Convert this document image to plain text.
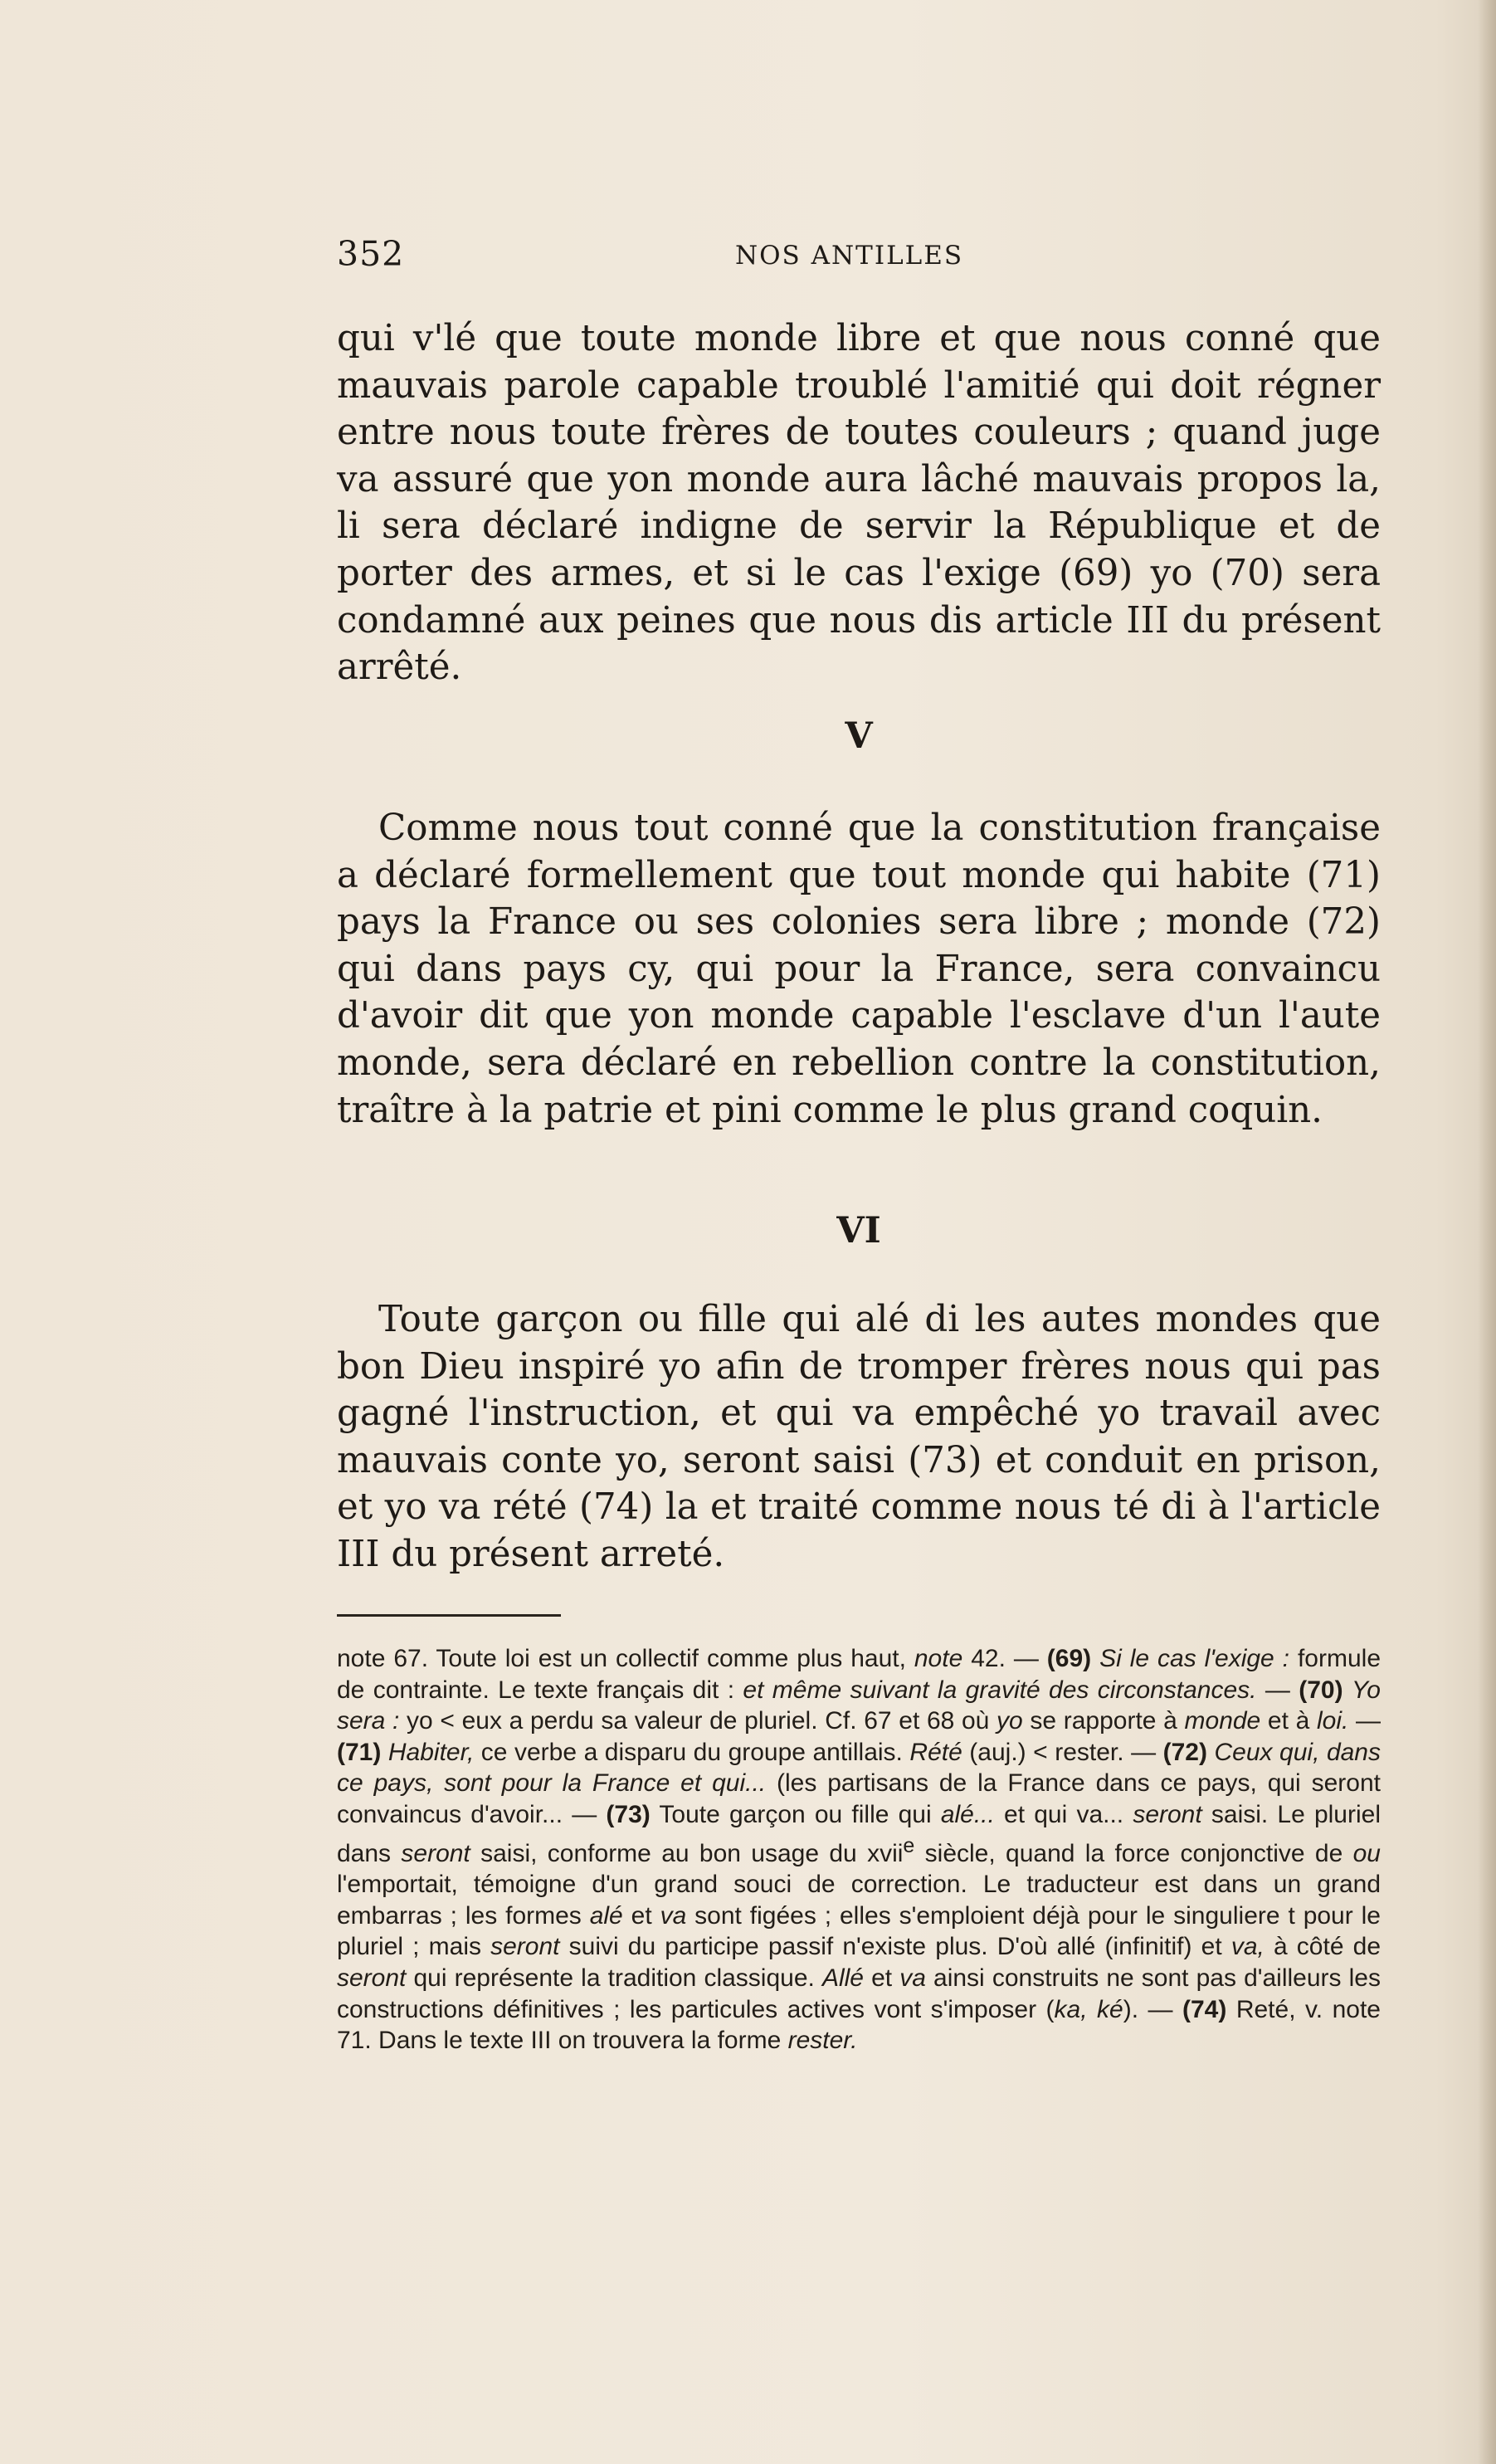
352	NOS ANTILLES

qui v'lé que toute monde libre et que nous conné que mauvais parole capable troublé l'amitié qui doit régner entre nous toute frères de toutes couleurs ; quand juge va assuré que yon monde aura lâché mauvais propos la, li sera déclaré indigne de servir la République et de porter des armes, et si le cas l'exige (69) yo (70) sera condamné aux peines que nous dis article III du présent arrêté.

V

Comme nous tout conné que la constitution française a déclaré formellement que tout monde qui habite (71) pays la France ou ses colonies sera libre ; monde (72) qui dans pays cy, qui pour la France, sera convaincu d'avoir dit que yon monde capable l'esclave d'un l'aute monde, sera déclaré en rebellion contre la constitution, traître à la patrie et pini comme le plus grand coquin.

VI

Toute garçon ou fille qui alé di les autes mondes que bon Dieu inspiré yo afin de tromper frères nous qui pas gagné l'instruction, et qui va empêché yo travail avec mauvais conte yo, seront saisi (73) et conduit en prison, et yo va rété (74) la et traité comme nous té di à l'article III du présent arreté.

note 67. Toute loi est un collectif comme plus haut, note 42. — (69) Si le cas l'exige : formule de contrainte. Le texte français dit : et même suivant la gravité des circonstances. — (70) Yo sera : yo < eux a perdu sa valeur de pluriel. Cf. 67 et 68 où yo se rapporte à monde et à loi. — (71) Habiter, ce verbe a disparu du groupe antillais. Rété (auj.) < rester. — (72) Ceux qui, dans ce pays, sont pour la France et qui... (les partisans de la France dans ce pays, qui seront convaincus d'avoir... — (73) Toute garçon ou fille qui alé... et qui va... seront saisi. Le pluriel dans seront saisi, conforme au bon usage du xvii$^e$ siècle, quand la force conjonctive de ou l'emportait, témoigne d'un grand souci de correction. Le traducteur est dans un grand embarras ; les formes alé et va sont figées ; elles s'emploient déjà pour le singuliere t pour le pluriel ; mais seront suivi du participe passif n'existe plus. D'où allé (infinitif) et va, à côté de seront qui représente la tradition classique. Allé et va ainsi construits ne sont pas d'ailleurs les constructions définitives ; les particules actives vont s'imposer (ka, ké). — (74) Reté, v. note 71. Dans le texte III on trouvera la forme rester.
